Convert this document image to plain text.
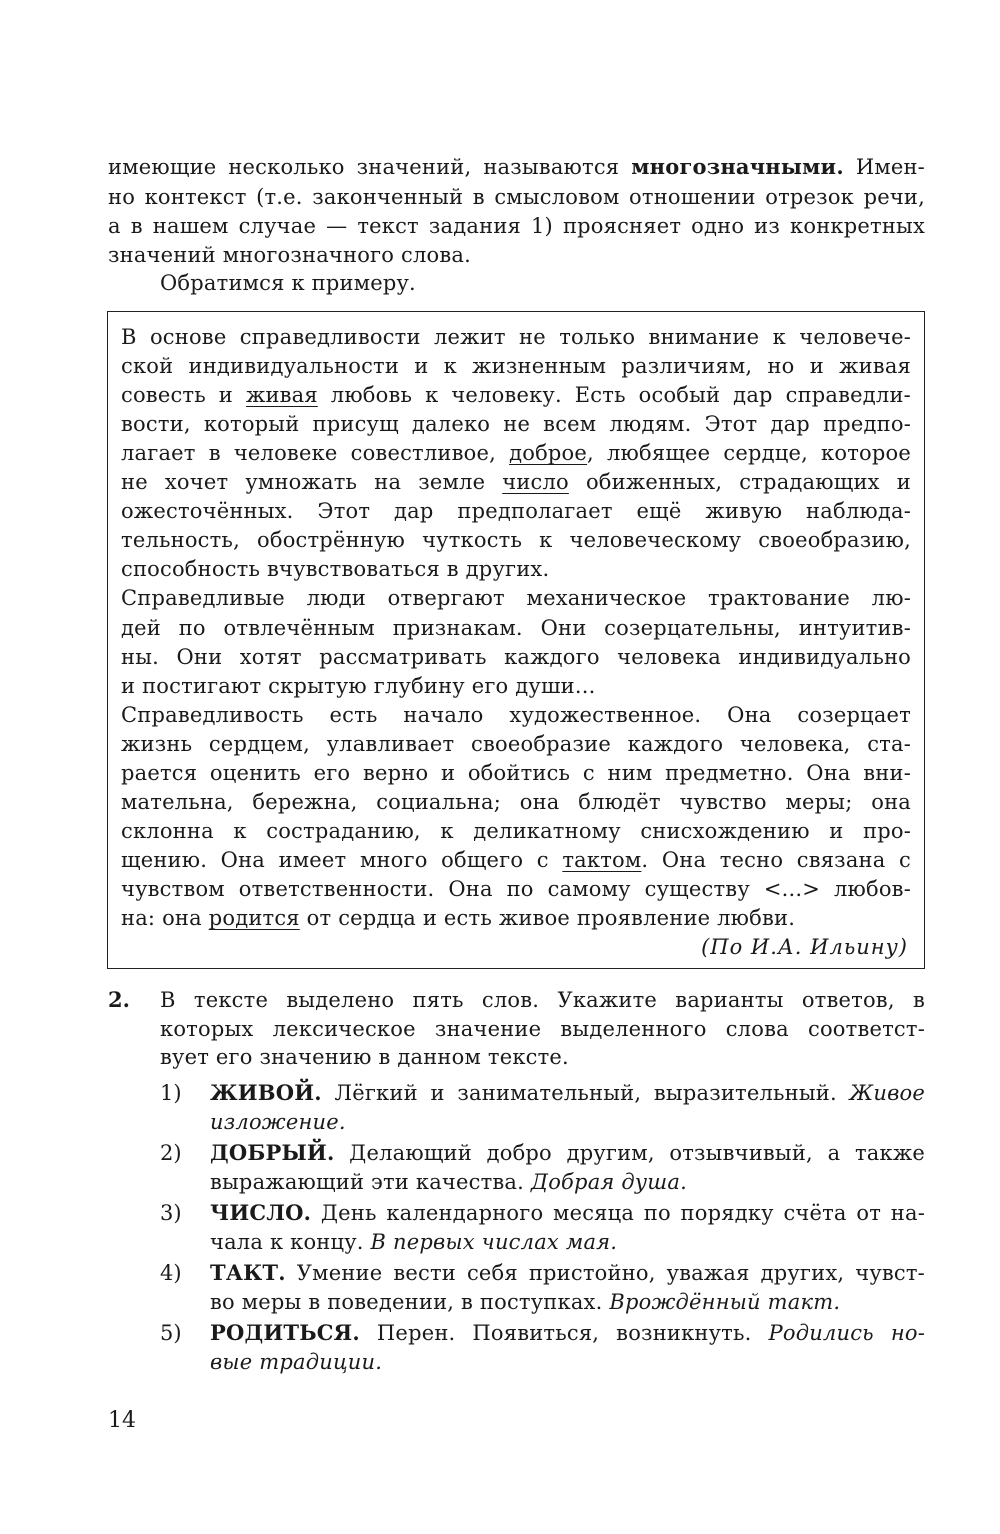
имеющие несколько значений, называются многозначными. Имен-
но контекст (т.е. законченный в смысловом отношении отрезок речи,
а в нашем случае — текст задания 1) проясняет одно из конкретных
значений многозначного слова.
Обратимся к примеру.
В основе справедливости лежит не только внимание к человече-
ской индивидуальности и к жизненным различиям, но и живая
совесть и живая любовь к человеку. Есть особый дар справедли-
вости, который присущ далеко не всем людям. Этот дар предпо-
лагает в человеке совестливое, доброе, любящее сердце, которое
не хочет умножать на земле число обиженных, страдающих и
ожесточённых. Этот дар предполагает ещё живую наблюда-
тельность, обострённую чуткость к человеческому своеобразию,
способность вчувствоваться в других.
Справедливые люди отвергают механическое трактование лю-
дей по отвлечённым признакам. Они созерцательны, интуитив-
ны. Они хотят рассматривать каждого человека индивидуально
и постигают скрытую глубину его души...
Справедливость есть начало художественное. Она созерцает
жизнь сердцем, улавливает своеобразие каждого человека, ста-
рается оценить его верно и обойтись с ним предметно. Она вни-
мательна, бережна, социальна; она блюдёт чувство меры; она
склонна к состраданию, к деликатному снисхождению и про-
щению. Она имеет много общего с тактом. Она тесно связана с
чувством ответственности. Она по самому существу <...> любов-
на: она родится от сердца и есть живое проявление любви.
(По И.А. Ильину)
2. В тексте выделено пять слов. Укажите варианты ответов, в
которых лексическое значение выделенного слова соответст-
вует его значению в данном тексте.
1) ЖИВОЙ. Лёгкий и занимательный, выразительный. Живое
изложение.
2) ДОБРЫЙ. Делающий добро другим, отзывчивый, а также
выражающий эти качества. Добрая душа.
3) ЧИСЛО. День календарного месяца по порядку счёта от на-
чала к концу. В первых числах мая.
4) ТАКТ. Умение вести себя пристойно, уважая других, чувст-
во меры в поведении, в поступках. Врождённый такт.
5) РОДИТЬСЯ. Перен. Появиться, возникнуть. Родились но-
вые традиции.
14
